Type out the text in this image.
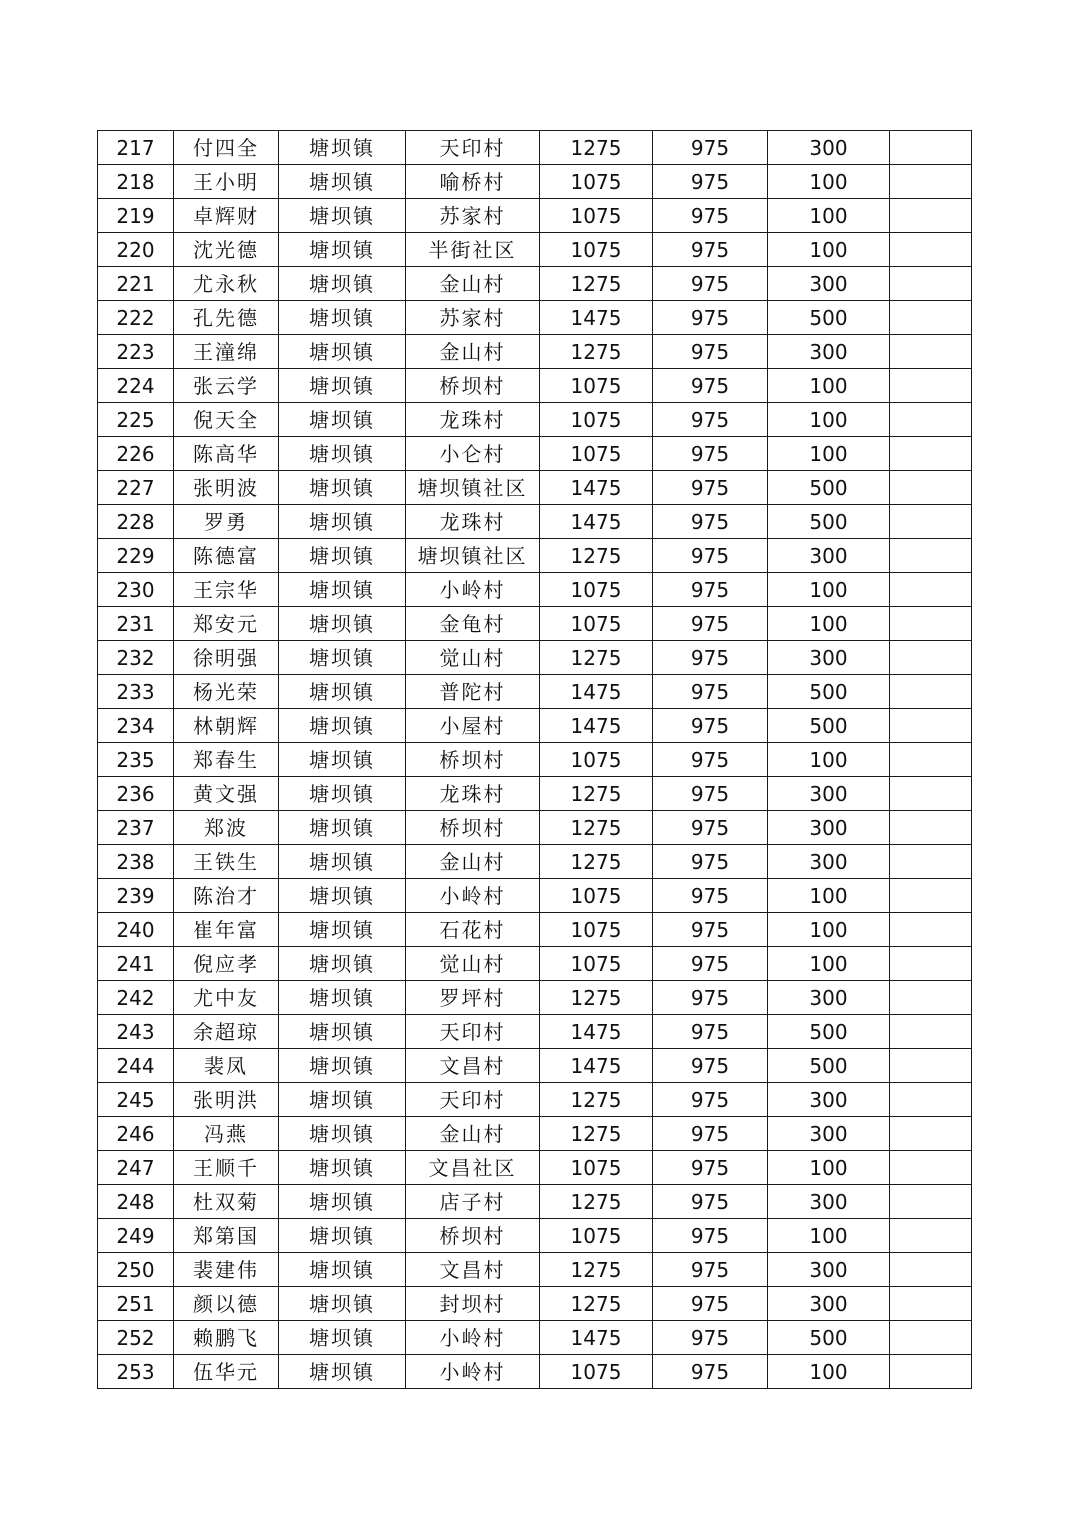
217	付四全	塘坝镇	天印村	1275	975	300	
218	王小明	塘坝镇	喻桥村	1075	975	100	
219	卓辉财	塘坝镇	苏家村	1075	975	100	
220	沈光德	塘坝镇	半街社区	1075	975	100	
221	尤永秋	塘坝镇	金山村	1275	975	300	
222	孔先德	塘坝镇	苏家村	1475	975	500	
223	王潼绵	塘坝镇	金山村	1275	975	300	
224	张云学	塘坝镇	桥坝村	1075	975	100	
225	倪天全	塘坝镇	龙珠村	1075	975	100	
226	陈高华	塘坝镇	小仑村	1075	975	100	
227	张明波	塘坝镇	塘坝镇社区	1475	975	500	
228	罗勇	塘坝镇	龙珠村	1475	975	500	
229	陈德富	塘坝镇	塘坝镇社区	1275	975	300	
230	王宗华	塘坝镇	小岭村	1075	975	100	
231	郑安元	塘坝镇	金龟村	1075	975	100	
232	徐明强	塘坝镇	觉山村	1275	975	300	
233	杨光荣	塘坝镇	普陀村	1475	975	500	
234	林朝辉	塘坝镇	小屋村	1475	975	500	
235	郑春生	塘坝镇	桥坝村	1075	975	100	
236	黄文强	塘坝镇	龙珠村	1275	975	300	
237	郑波	塘坝镇	桥坝村	1275	975	300	
238	王铁生	塘坝镇	金山村	1275	975	300	
239	陈治才	塘坝镇	小岭村	1075	975	100	
240	崔年富	塘坝镇	石花村	1075	975	100	
241	倪应孝	塘坝镇	觉山村	1075	975	100	
242	尤中友	塘坝镇	罗坪村	1275	975	300	
243	余超琼	塘坝镇	天印村	1475	975	500	
244	裴凤	塘坝镇	文昌村	1475	975	500	
245	张明洪	塘坝镇	天印村	1275	975	300	
246	冯燕	塘坝镇	金山村	1275	975	300	
247	王顺千	塘坝镇	文昌社区	1075	975	100	
248	杜双菊	塘坝镇	店子村	1275	975	300	
249	郑第国	塘坝镇	桥坝村	1075	975	100	
250	裴建伟	塘坝镇	文昌村	1275	975	300	
251	颜以德	塘坝镇	封坝村	1275	975	300	
252	赖鹏飞	塘坝镇	小岭村	1475	975	500	
253	伍华元	塘坝镇	小岭村	1075	975	100	
